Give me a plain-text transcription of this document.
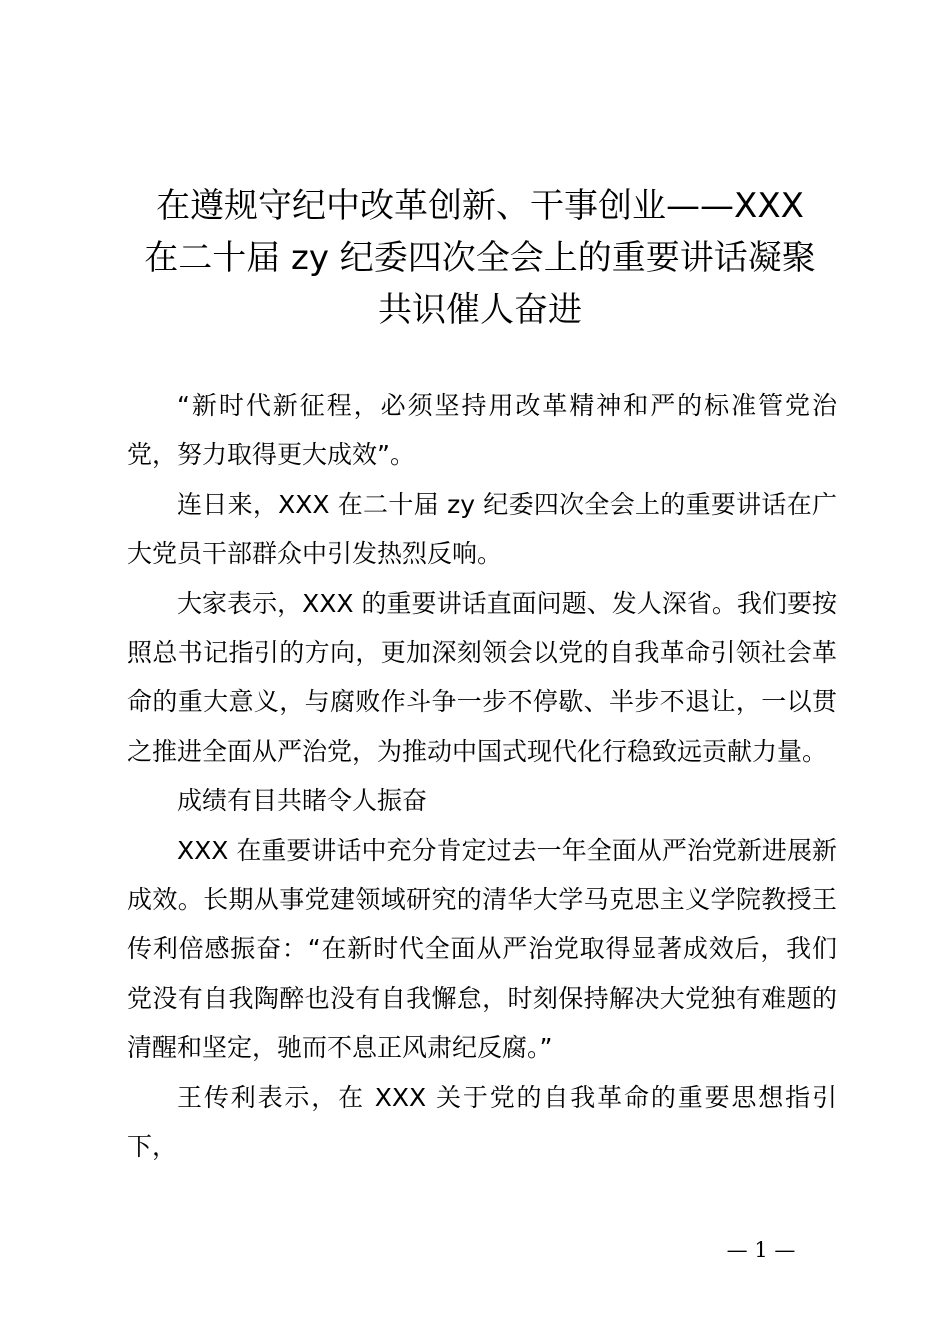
在遵规守纪中改革创新、干事创业——XXX
在二十届 zy 纪委四次全会上的重要讲话凝聚
共识催人奋进

“新时代新征程，必须坚持用改革精神和严的标准管党治党，努力取得更大成效”。

连日来，XXX 在二十届 zy 纪委四次全会上的重要讲话在广大党员干部群众中引发热烈反响。

大家表示，XXX 的重要讲话直面问题、发人深省。我们要按照总书记指引的方向，更加深刻领会以党的自我革命引领社会革命的重大意义，与腐败作斗争一步不停歇、半步不退让，一以贯之推进全面从严治党，为推动中国式现代化行稳致远贡献力量。

成绩有目共睹令人振奋

XXX 在重要讲话中充分肯定过去一年全面从严治党新进展新成效。长期从事党建领域研究的清华大学马克思主义学院教授王传利倍感振奋：“在新时代全面从严治党取得显著成效后，我们党没有自我陶醉也没有自我懈怠，时刻保持解决大党独有难题的清醒和坚定，驰而不息正风肃纪反腐。”

王传利表示，在 XXX 关于党的自我革命的重要思想指引下，

— 1 —
